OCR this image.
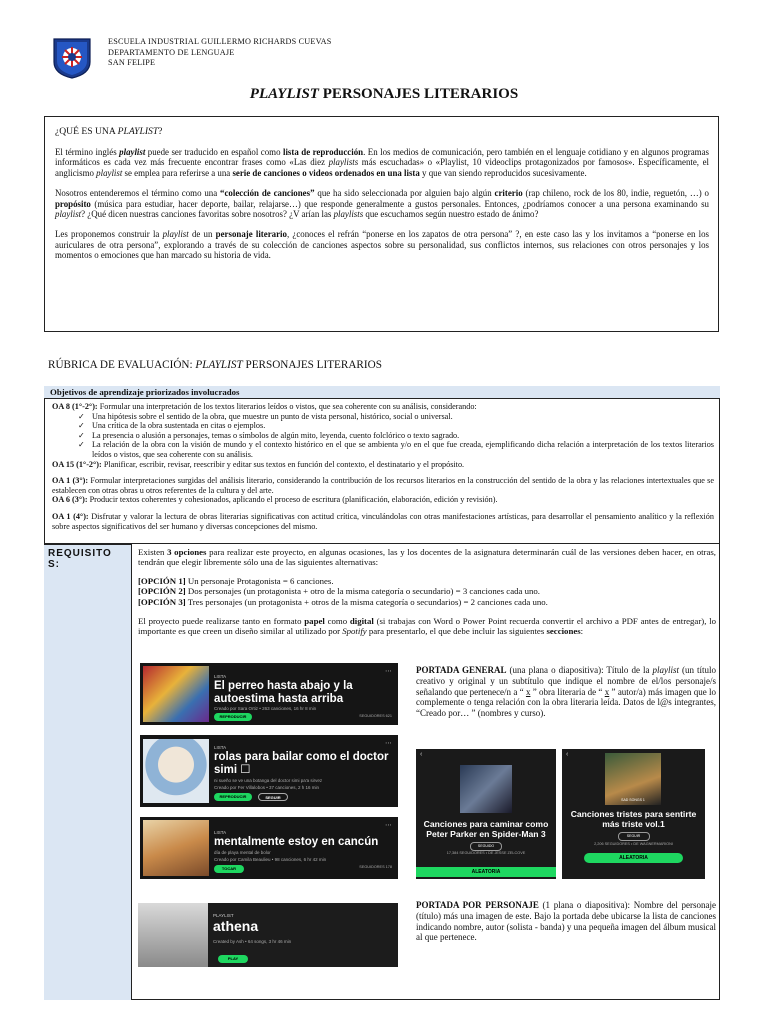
ESCUELA INDUSTRIAL GUILLERMO RICHARDS CUEVAS
DEPARTAMENTO DE LENGUAJE
SAN FELIPE
PLAYLIST PERSONAJES LITERARIOS

¿QUÉ ES UNA PLAYLIST?

El término inglés playlist puede ser traducido en español como lista de reproducción. En los medios de comunicación, pero también en el lenguaje cotidiano y en algunos programas informáticos es cada vez más frecuente encontrar frases como «Las diez playlists más escuchadas» o «Playlist, 10 videoclips protagonizados por famosos». Específicamente, el anglicismo playlist se emplea para referirse a una serie de canciones o videos ordenados en una lista y que van siendo reproducidos sucesivamente.

Nosotros entenderemos el término como una “colección de canciones” que ha sido seleccionada por alguien bajo algún criterio (rap chileno, rock de los 80, indie, reguetón, …) o propósito (música para estudiar, hacer deporte, bailar, relajarse…) que responde generalmente a gustos personales. Entonces, ¿podríamos conocer a una persona examinando su playlist? ¿Qué dicen nuestras canciones favoritas sobre nosotros? ¿V arían las playlists que escuchamos según nuestro estado de ánimo?

Les proponemos construir la playlist de un personaje literario, ¿conoces el refrán “ponerse en los zapatos de otra persona” ?, en este caso las y los invitamos a “ponerse en los auriculares de otra persona”, explorando a través de su colección de canciones aspectos sobre su personalidad, sus conflictos internos, sus relaciones con otros personajes y los momentos o emociones que han marcado su historia de vida.

RÚBRICA DE EVALUACIÓN: PLAYLIST PERSONAJES LITERARIOS
Objetivos de aprendizaje priorizados involucrados

OA 8 (1°-2°): Formular una interpretación de los textos literarios leídos o vistos, que sea coherente con su análisis, considerando:

✓ Una hipótesis sobre el sentido de la obra, que muestre un punto de vista personal, histórico, social o universal.
✓ Una crítica de la obra sustentada en citas o ejemplos.
✓ La presencia o alusión a personajes, temas o símbolos de algún mito, leyenda, cuento folclórico o texto sagrado.
✓ La relación de la obra con la visión de mundo y el contexto histórico en el que se ambienta y/o en el que fue creada, ejemplificando dicha relación a interpretación de los textos literarios leídos o vistos, que sea coherente con su análisis.

OA 15 (1°-2°): Planificar, escribir, revisar, reescribir y editar sus textos en función del contexto, el destinatario y el propósito.

OA 1 (3°): Formular interpretaciones surgidas del análisis literario, considerando la contribución de los recursos literarios en la construcción del sentido de la obra y las relaciones intertextuales que se establecen con otras obras u otros referentes de la cultura y del arte.

OA 6 (3°): Producir textos coherentes y cohesionados, aplicando el proceso de escritura (planificación, elaboración, edición y revisión).

OA 1 (4°): Disfrutar y valorar la lectura de obras literarias significativas con actitud crítica, vinculándolas con otras manifestaciones artísticas, para desarrollar el pensamiento analítico y la reflexión sobre aspectos significativos del ser humano y diversas concepciones del mismo.

REQUISITO
S:

Existen 3 opciones para realizar este proyecto, en algunas ocasiones, las y los docentes de la asignatura determinarán cuál de las versiones deben hacer, en otras, tendrán que elegir libremente sólo una de las siguientes alternativas:

[OPCIÓN 1] Un personaje Protagonista = 6 canciones.
[OPCIÓN 2] Dos personajes (un protagonista + otro de la misma categoría o secundario) = 3 canciones cada uno.
[OPCIÓN 3] Tres personajes (un protagonista + otros de la misma categoría o secundarios) = 2 canciones cada uno.

El proyecto puede realizarse tanto en formato papel como digital (si trabajas con Word o Power Point recuerda convertir el archivo a PDF antes de entregar), lo importante es que creen un diseño similar al utilizado por Spotify para presentarlo, el que debe incluir las siguientes secciones:

LISTA
El perreo hasta abajo y la autoestima hasta arriba
Creado por Sara Ortiz • 263 canciones, 16 hr 8 min
REPRODUCIR	SEGUIDORES 621
⋯
LISTA
rolas para bailar como el doctor simi ☐
ni sueño se ve una botanga del doctor simi pa'a sirvez
Creado por Fer Villalobos • 37 canciones, 2 h 16 min
REPRODUCIR	SEGUIR
⋯
LISTA
mentalmente estoy en cancún
día de playa mental de bolor
Creado por Camila Beaulieu • 98 canciones, 6 hr 42 min
TOCAR	SEGUIDORES 178
⋯
PLAYLIST
athena
Created by Ash • 64 songs, 3 hr 46 min
PLAY
PORTADA GENERAL (una plana o diapositiva): Título de la playlist (un título creativo y original y un subtítulo que indique el nombre de el/los personaje/s señalando que pertenece/n a “ x ” obra literaria de “ x ” autor/a) más imagen que lo complemente o tenga relación con la obra literaria leída. Datos de l@s integrantes, “Creado por… ” (nombres y curso).
‹
Canciones para caminar como Peter Parker en Spider-Man 3
SEGUIDO
17,384 SEGUIDORES • DE JESSE ZELCOVE
ALEATORIA
‹
SAD SONGS 1
Canciones tristes para sentirte más triste vol.1
SEGUIR
2,206 SEGUIDORES • DE WAGNERMARIONI
ALEATORIA
PORTADA POR PERSONAJE (1 plana o diapositiva): Nombre del personaje (título) más una imagen de este. Bajo la portada debe ubicarse la lista de canciones indicando nombre, autor (solista - banda) y una pequeña imagen del álbum musical al que pertenece.
